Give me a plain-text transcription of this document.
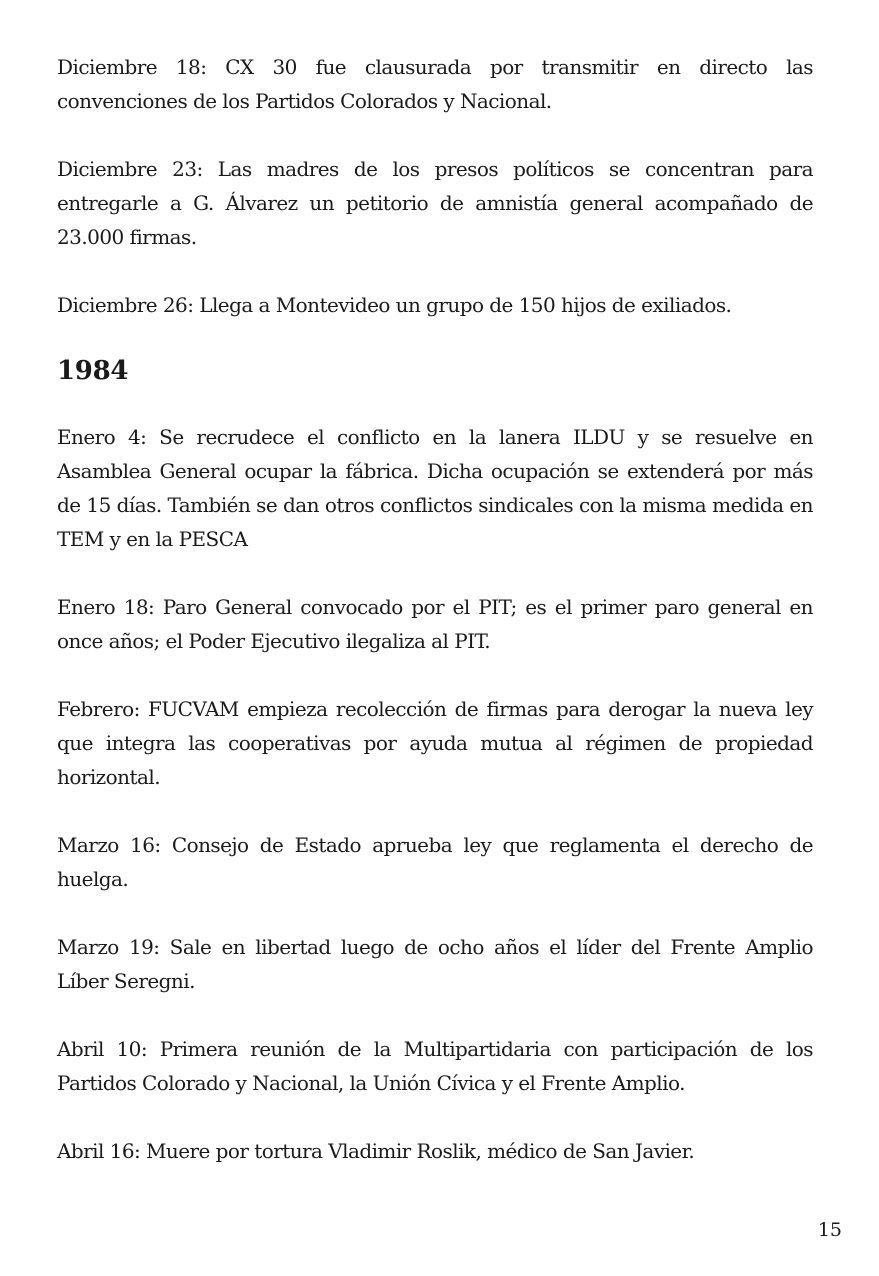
Diciembre 18: CX 30 fue clausurada por transmitir en directo las convenciones de los Partidos Colorados y Nacional.

Diciembre 23: Las madres de los presos políticos se concentran para entregarle a G. Álvarez un petitorio de amnistía general acompañado de 23.000 firmas.

Diciembre 26: Llega a Montevideo un grupo de 150 hijos de exiliados.

1984

Enero 4: Se recrudece el conflicto en la lanera ILDU y se resuelve en Asamblea General ocupar la fábrica. Dicha ocupación se extenderá por más de 15 días. También se dan otros conflictos sindicales con la misma medida en TEM y en la PESCA

Enero 18: Paro General convocado por el PIT; es el primer paro general en once años; el Poder Ejecutivo ilegaliza al PIT.

Febrero: FUCVAM empieza recolección de firmas para derogar la nueva ley que integra las cooperativas por ayuda mutua al régimen de propiedad horizontal.

Marzo 16: Consejo de Estado aprueba ley que reglamenta el derecho de huelga.

Marzo 19: Sale en libertad luego de ocho años el líder del Frente Amplio Líber Seregni.

Abril 10: Primera reunión de la Multipartidaria con participación de los Partidos Colorado y Nacional, la Unión Cívica y el Frente Amplio.

Abril 16: Muere por tortura Vladimir Roslik, médico de San Javier.

15
